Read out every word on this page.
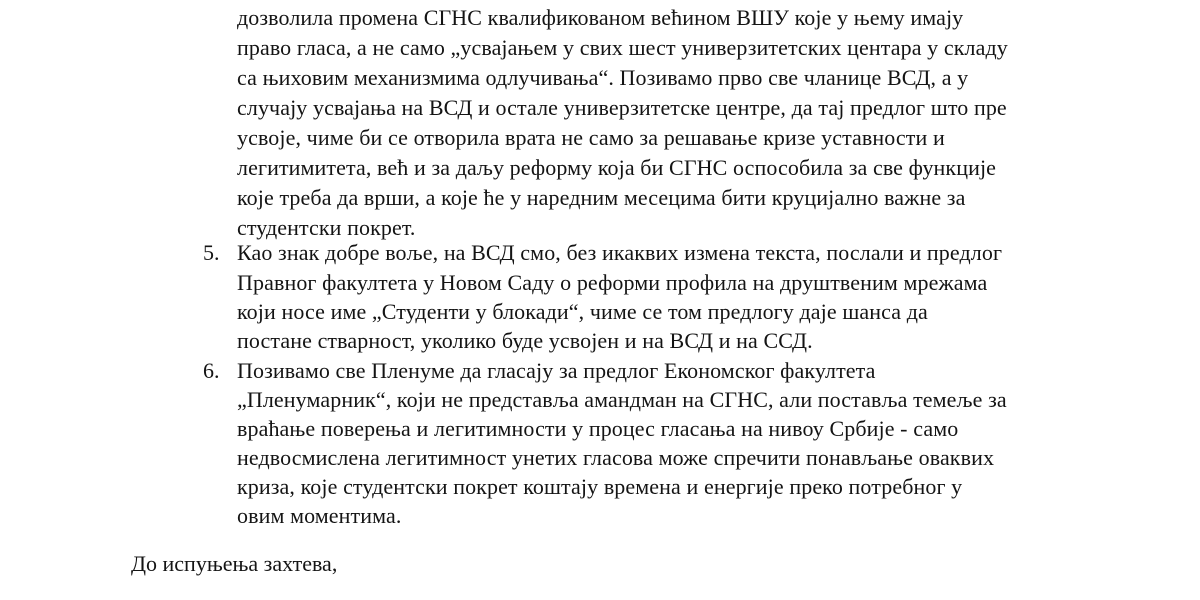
дозволила промена СГНС квалификованом већином ВШУ које у њему имају
право гласа, а не само „усвајањем у свих шест универзитетских центара у складу
са њиховим механизмима одлучивања“. Позивамо прво све чланице ВСД, а у
случају усвајања на ВСД и остале универзитетске центре, да тај предлог што пре
усвоје, чиме би се отворила врата не само за решавање кризе уставности и
легитимитета, већ и за даљу реформу која би СГНС оспособила за све функције
које треба да врши, а које ће у наредним месецима бити круцијално важне за
студентски покрет.
5. Као знак добре воље, на ВСД смо, без икаквих измена текста, послали и предлог
Правног факултета у Новом Саду о реформи профила на друштвеним мрежама
који носе име „Студенти у блокади“, чиме се том предлогу даје шанса да
постане стварност, уколико буде усвојен и на ВСД и на ССД.
6. Позивамо све Пленуме да гласају за предлог Економског факултета
„Пленумарник“, који не представља амандман на СГНС, али поставља темеље за
враћање поверења и легитимности у процес гласања на нивоу Србије - само
недвосмислена легитимност унетих гласова може спречити понављање оваквих
криза, које студентски покрет коштају времена и енергије преко потребног у
овим моментима.
До испуњења захтева,
